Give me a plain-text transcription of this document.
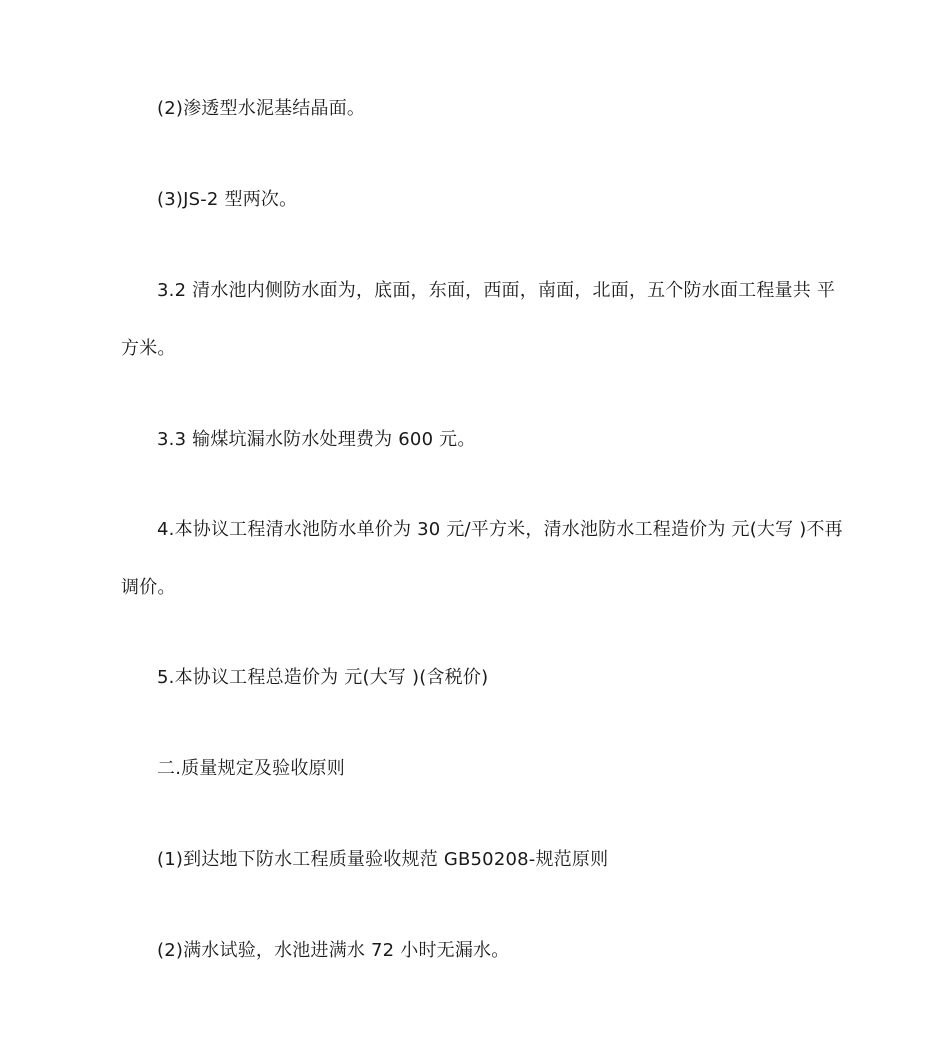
(2)渗透型水泥基结晶面。

(3)JS-2 型两次。

3.2 清水池内侧防水面为，底面，东面，西面，南面，北面，五个防水面工程量共 平
方米。

3.3 输煤坑漏水防水处理费为 600 元。

4.本协议工程清水池防水单价为 30 元/平方米，清水池防水工程造价为 元(大写 )不再
调价。

5.本协议工程总造价为 元(大写 )(含税价)

二.质量规定及验收原则

(1)到达地下防水工程质量验收规范 GB50208-规范原则

(2)满水试验，水池进满水 72 小时无漏水。
